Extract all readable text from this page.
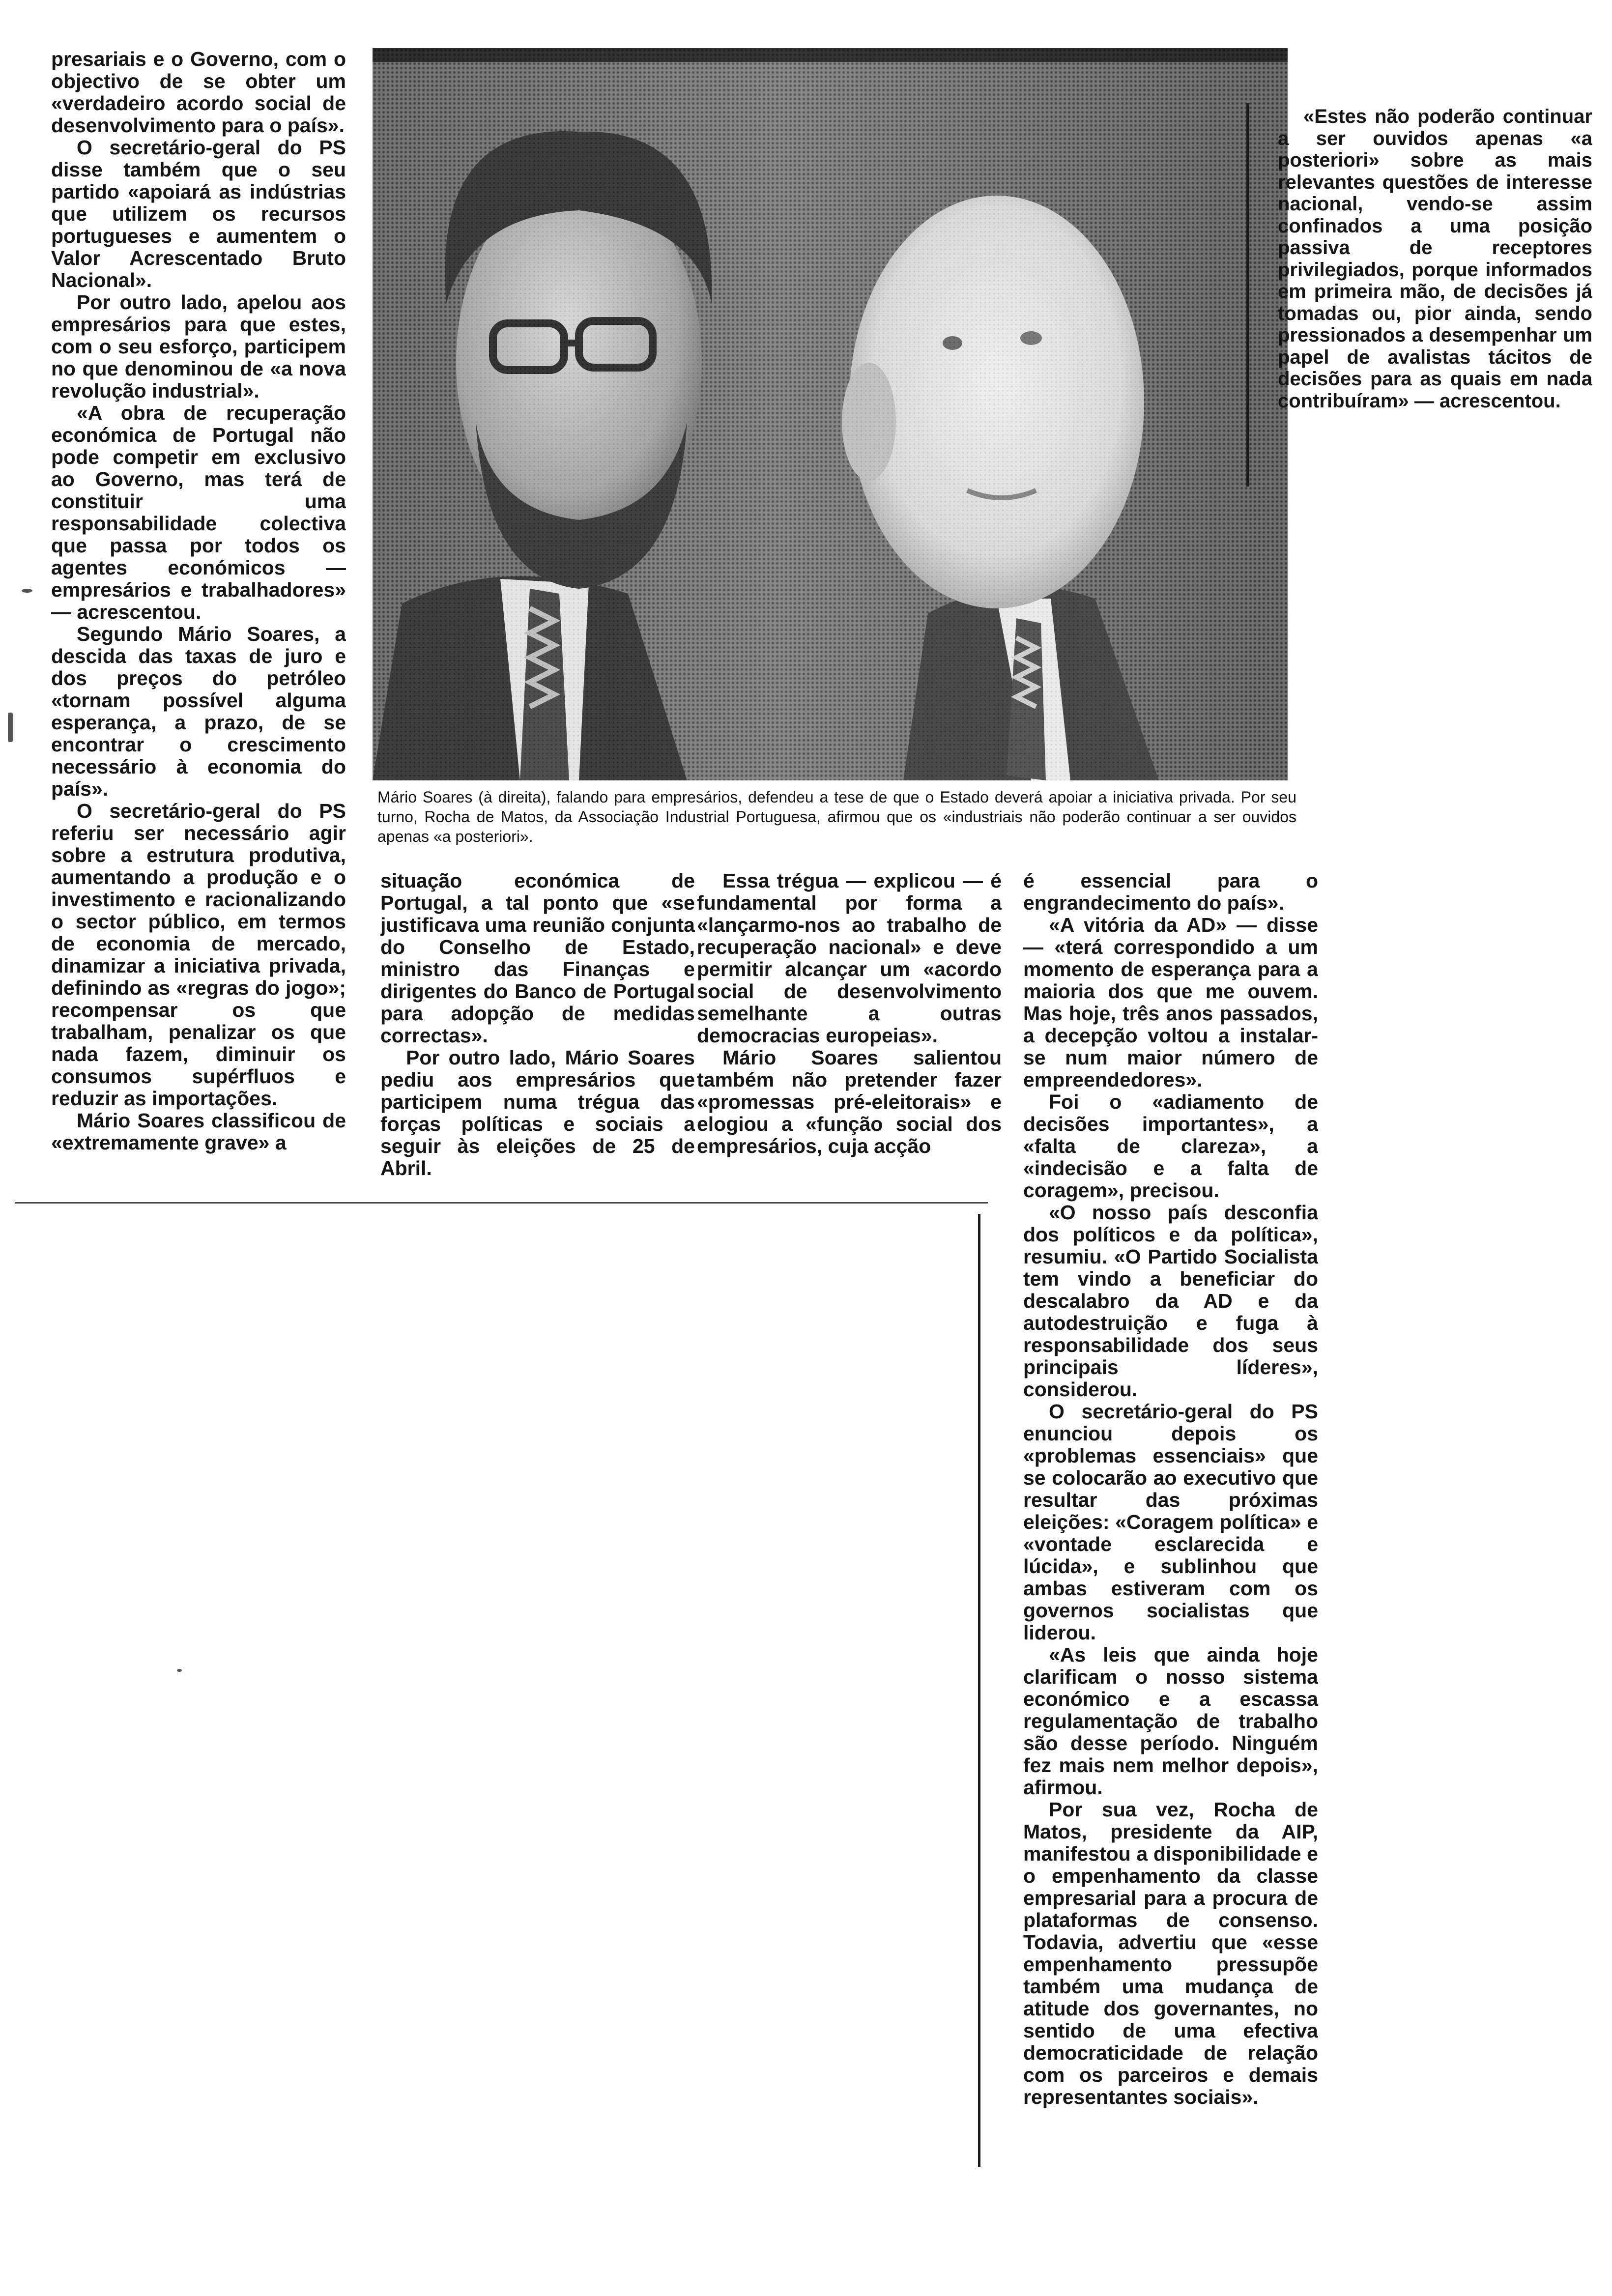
presariais e o Governo, com o objectivo de se obter um «verdadeiro acordo social de desenvolvimento para o país».

O secretário-geral do PS disse também que o seu partido «apoiará as indústrias que utilizem os recursos portugueses e aumentem o Valor Acrescentado Bruto Nacional».

Por outro lado, apelou aos empresários para que estes, com o seu esforço, participem no que denominou de «a nova revolução industrial».

«A obra de recuperação económica de Portugal não pode competir em exclusivo ao Governo, mas terá de constituir uma responsabilidade colectiva que passa por todos os agentes económicos — empresários e trabalhadores» — acrescentou.

Segundo Mário Soares, a descida das taxas de juro e dos preços do petróleo «tornam possível alguma esperança, a prazo, de se encontrar o crescimento necessário à economia do país».

O secretário-geral do PS referiu ser necessário agir sobre a estrutura produtiva, aumentando a produção e o investimento e racionalizando o sector público, em termos de economia de mercado, dinamizar a iniciativa privada, definindo as «regras do jogo»; recompensar os que trabalham, penalizar os que nada fazem, diminuir os consumos supérfluos e reduzir as importações.

Mário Soares classificou de «extremamente grave» a

«Estes não poderão continuar a ser ouvidos apenas «a posteriori» sobre as mais relevantes questões de interesse nacional, vendo-se assim confinados a uma posição passiva de receptores privilegiados, porque informados em primeira mão, de decisões já tomadas ou, pior ainda, sendo pressionados a desempenhar um papel de avalistas tácitos de decisões para as quais em nada contribuíram» — acrescentou.

Mário Soares (à direita), falando para empresários, defendeu a tese de que o Estado deverá apoiar a iniciativa privada. Por seu turno, Rocha de Matos, da Associação Industrial Portuguesa, afirmou que os «industriais não poderão continuar a ser ouvidos apenas «a posteriori».

situação económica de Portugal, a tal ponto que «se justificava uma reunião conjunta do Conselho de Estado, ministro das Finanças e dirigentes do Banco de Portugal para adopção de medidas correctas».

Por outro lado, Mário Soares pediu aos empresários que participem numa trégua das forças políticas e sociais a seguir às eleições de 25 de Abril.

Essa trégua — explicou — é fundamental por forma a «lançarmo-nos ao trabalho de recuperação nacional» e deve permitir alcançar um «acordo social de desenvolvimento semelhante a outras democracias europeias».

Mário Soares salientou também não pretender fazer «promessas pré-eleitorais» e elogiou a «função social dos empresários, cuja acção

é essencial para o engrandecimento do país».

«A vitória da AD» — disse — «terá correspondido a um momento de esperança para a maioria dos que me ouvem. Mas hoje, três anos passados, a decepção voltou a instalar-se num maior número de empreendedores».

Foi o «adiamento de decisões importantes», a «falta de clareza», a «indecisão e a falta de coragem», precisou.

«O nosso país desconfia dos políticos e da política», resumiu. «O Partido Socialista tem vindo a beneficiar do descalabro da AD e da autodestruição e fuga à responsabilidade dos seus principais líderes», considerou.

O secretário-geral do PS enunciou depois os «problemas essenciais» que se colocarão ao executivo que resultar das próximas eleições: «Coragem política» e «vontade esclarecida e lúcida», e sublinhou que ambas estiveram com os governos socialistas que liderou.

«As leis que ainda hoje clarificam o nosso sistema económico e a escassa regulamentação de trabalho são desse período. Ninguém fez mais nem melhor depois», afirmou.

Por sua vez, Rocha de Matos, presidente da AIP, manifestou a disponibilidade e o empenhamento da classe empresarial para a procura de plataformas de consenso. Todavia, advertiu que «esse empenhamento pressupõe também uma mudança de atitude dos governantes, no sentido de uma efectiva democraticidade de relação com os parceiros e demais representantes sociais».
